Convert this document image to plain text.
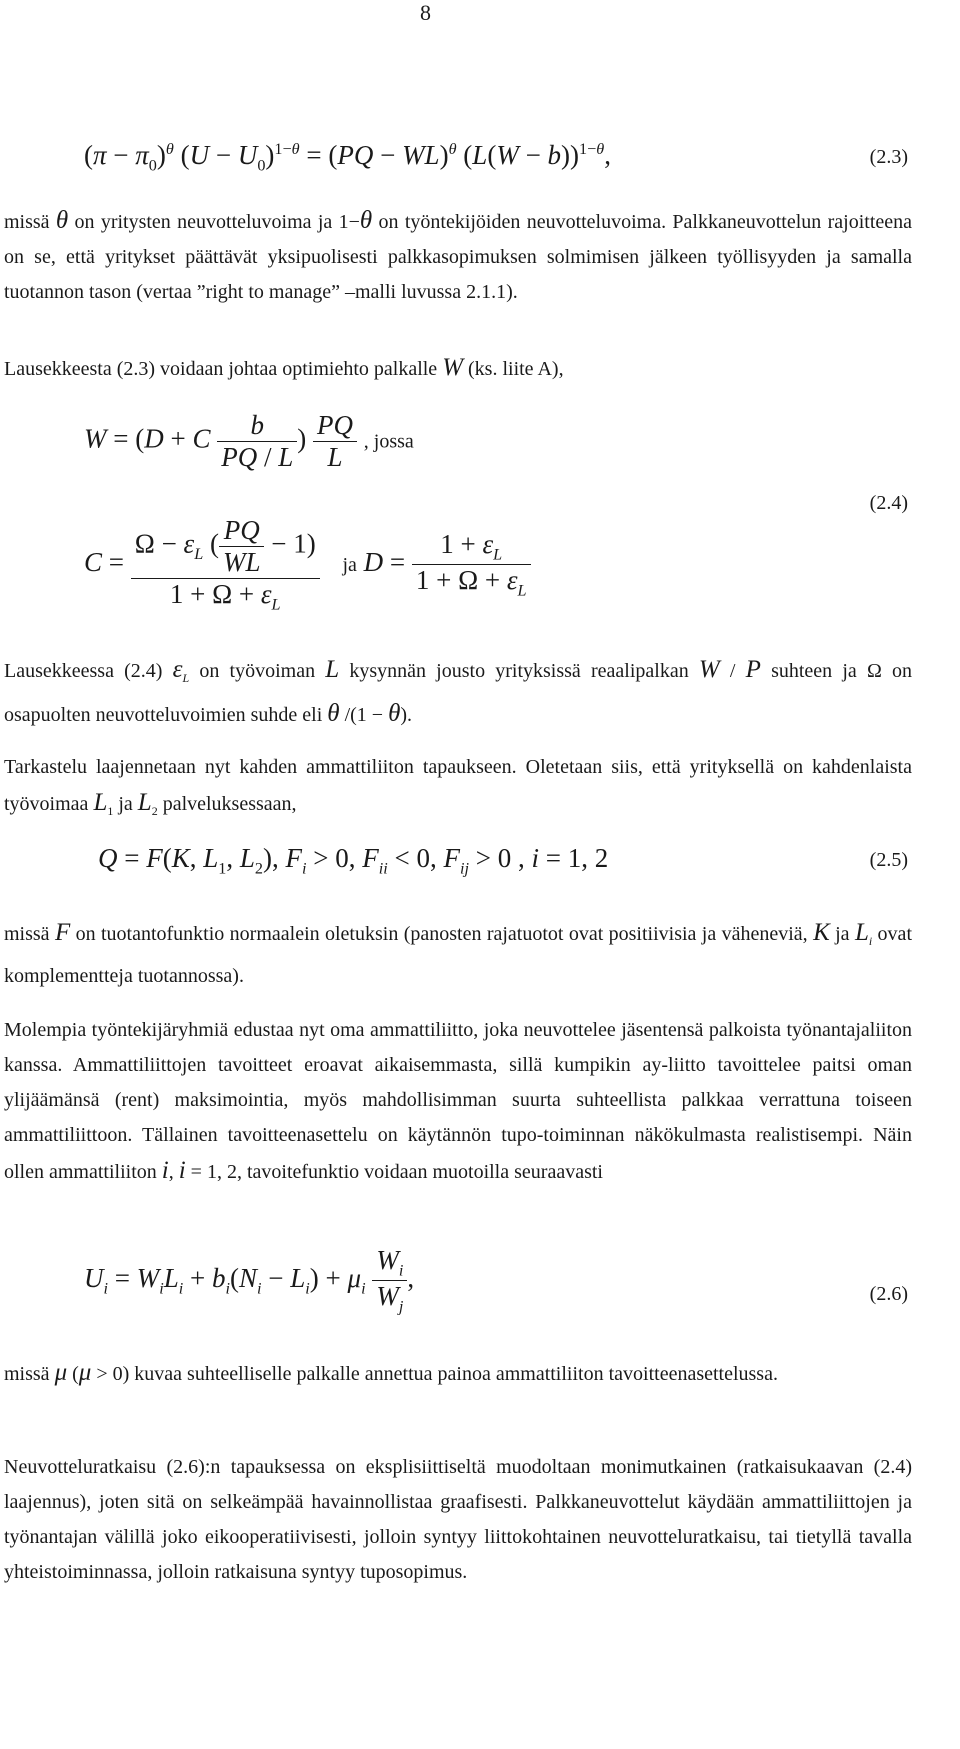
8
$(\pi - \pi_0)^\theta$ $(U - U_0)^{1-\theta} = (PQ - WL)^\theta$ $(L(W - b))^{1-\theta}$,	(2.3)

missä θ on yritysten neuvotteluvoima ja 1−θ on työntekijöiden neuvotteluvoima. Palkkaneuvottelun rajoitteena on se, että yritykset päättävät yksipuolisesti palkkasopimuksen solmimisen jälkeen työllisyyden ja samalla tuotannon tason (vertaa ”right to manage” –malli luvussa 2.1.1).

Lausekkeesta (2.3) voidaan johtaa optimiehto palkalle W (ks. liite A),

W = (D + C $\frac{b}{PQ / L}$ ) $\frac{PQ}{L}$ , jossa
(2.4)
$C = \frac{\Omega - \varepsilon_L ( \frac{PQ}{WL} - 1)}{1 + \Omega + \varepsilon_L}$ ja $D = \frac{1 + \varepsilon_L}{1 + \Omega + \varepsilon_L}$

Lausekkeessa (2.4) $\varepsilon_L$ on työvoiman L kysynnän jousto yrityksissä reaalipalkan W / P suhteen ja Ω on osapuolten neuvotteluvoimien suhde eli θ /(1 − θ).

Tarkastelu laajennetaan nyt kahden ammattiliiton tapaukseen. Oletetaan siis, että yrityksellä on kahdenlaista työvoimaa $L_1$ ja $L_2$ palveluksessaan,

Q = F(K, $L_1$, $L_2$), $F_i > 0$, $F_{ii} < 0$, $F_{ij} > 0$ , i = 1, 2	(2.5)

missä F on tuotantofunktio normaalein oletuksin (panosten rajatuotot ovat positiivisia ja väheneviä, K ja $L_i$ ovat komplementteja tuotannossa).

Molempia työntekijäryhmiä edustaa nyt oma ammattiliitto, joka neuvottelee jäsentensä palkoista työnantajaliiton kanssa. Ammattiliittojen tavoitteet eroavat aikaisemmasta, sillä kumpikin ay-liitto tavoittelee paitsi oman ylijäämänsä (rent) maksimointia, myös mahdollisimman suurta suhteellista palkkaa verrattuna toiseen ammattiliittoon. Tällainen tavoitteenasettelu on käytännön tupo-toiminnan näkökulmasta realistisempi. Näin ollen ammattiliiton i, i = 1, 2, tavoitefunktio voidaan muotoilla seuraavasti

$U_i = W_iL_i + b_i(N_i - L_i) + \mu_i \frac{W_i}{W_j}$ ,
(2.6)

missä μ (μ > 0) kuvaa suhteelliselle palkalle annettua painoa ammattiliiton tavoitteenasettelussa.

Neuvotteluratkaisu (2.6):n tapauksessa on eksplisiittiseltä muodoltaan monimutkainen (ratkaisukaavan (2.4) laajennus), joten sitä on selkeämpää havainnollistaa graafisesti. Palkkaneuvottelut käydään ammattiliittojen ja työnantajan välillä joko eikooperatiivisesti, jolloin syntyy liittokohtainen neuvotteluratkaisu, tai tietyllä tavalla yhteistoiminnassa, jolloin ratkaisuna syntyy tuposopimus.
